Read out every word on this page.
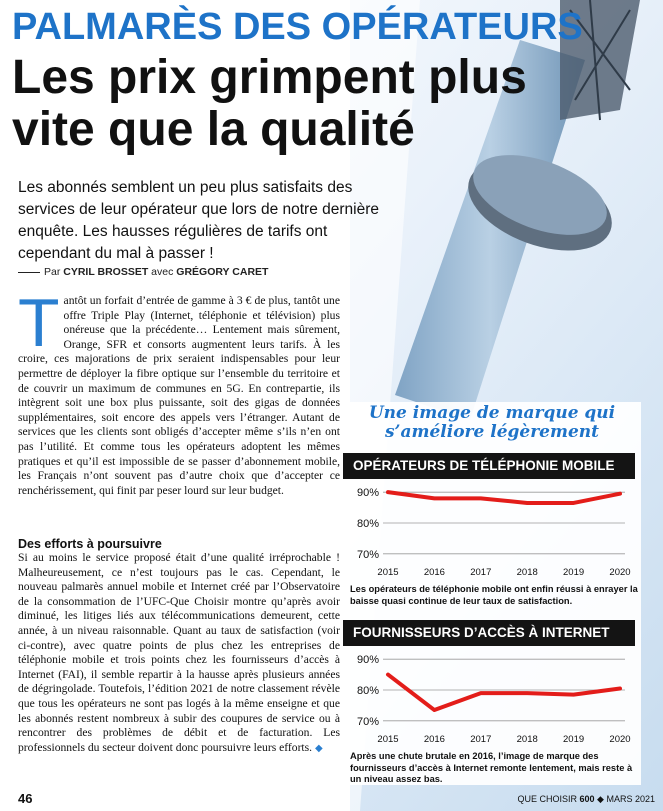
PALMARÈS DES OPÉRATEURS
Les prix grimpent plus vite que la qualité
Les abonnés semblent un peu plus satisfaits des services de leur opérateur que lors de notre dernière enquête. Les hausses régulières de tarifs ont cependant du mal à passer !
Par CYRIL BROSSET avec GRÉGORY CARET
Tantôt un forfait d’entrée de gamme à 3 € de plus, tantôt une offre Triple Play (Internet, téléphonie et télévision) plus onéreuse que la précédente… Lentement mais sûrement, Orange, SFR et consorts augmentent leurs tarifs. À les croire, ces majorations de prix seraient indispensables pour leur permettre de déployer la fibre optique sur l’ensemble du territoire et de couvrir un maximum de communes en 5G. En contrepartie, ils intègrent soit une box plus puissante, soit des gigas de données supplémentaires, soit encore des appels vers l’étranger. Autant de services que les clients sont obligés d’accepter même s’ils n’en ont pas l’utilité. Et comme tous les opérateurs adoptent les mêmes pratiques et qu’il est impossible de se passer d’abonnement mobile, les Français n’ont souvent pas d’autre choix que d’accepter ce renchérissement, qui finit par peser lourd sur leur budget.
Des efforts à poursuivre
Si au moins le service proposé était d’une qualité irréprochable ! Malheureusement, ce n’est toujours pas le cas. Cependant, le nouveau palmarès annuel mobile et Internet créé par l’Observatoire de la consommation de l’UFC-Que Choisir montre qu’après avoir diminué, les litiges liés aux télécommunications demeurent, cette année, à un niveau raisonnable. Quant au taux de satisfaction (voir ci-contre), avec quatre points de plus chez les entreprises de téléphonie mobile et trois points chez les fournisseurs d’accès à Internet (FAI), il semble repartir à la hausse après plusieurs années de dégringolade. Toutefois, l’édition 2021 de notre classement révèle que tous les opérateurs ne sont pas logés à la même enseigne et que les abonnés restent nombreux à subir des coupures de service ou à rencontrer des problèmes de débit et de facturation. Les professionnels du secteur doivent donc poursuivre leurs efforts. ◆
Une image de marque qui s’améliore légèrement
OPÉRATEURS DE TÉLÉPHONIE MOBILE
90%
80%
70%
2015	2016	2017	2018	2019	2020
Les opérateurs de téléphonie mobile ont enfin réussi à enrayer la baisse quasi continue de leur taux de satisfaction.
FOURNISSEURS D’ACCÈS À INTERNET
90%
80%
70%
2015	2016	2017	2018	2019	2020
Après une chute brutale en 2016, l’image de marque des fournisseurs d’accès à Internet remonte lentement, mais reste à un niveau assez bas.
46	QUE CHOISIR 600 ◆ MARS 2021
